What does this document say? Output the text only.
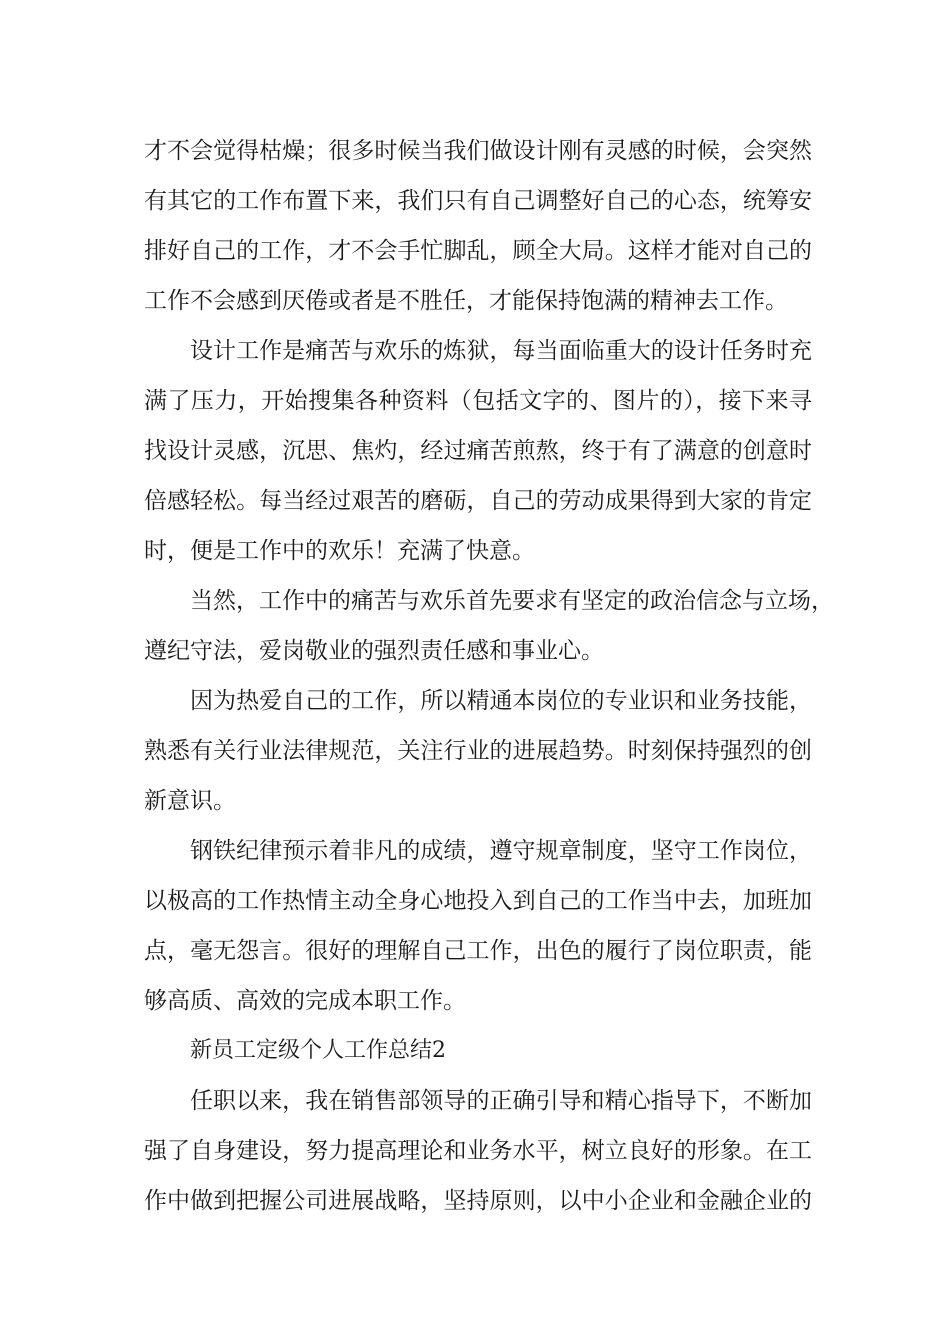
才不会觉得枯燥；很多时候当我们做设计刚有灵感的时候，会突然
有其它的工作布置下来，我们只有自己调整好自己的心态，统筹安
排好自己的工作，才不会手忙脚乱，顾全大局。这样才能对自己的
工作不会感到厌倦或者是不胜任，才能保持饱满的精神去工作。

设计工作是痛苦与欢乐的炼狱，每当面临重大的设计任务时充
满了压力，开始搜集各种资料（包括文字的、图片的），接下来寻
找设计灵感，沉思、焦灼，经过痛苦煎熬，终于有了满意的创意时
倍感轻松。每当经过艰苦的磨砺，自己的劳动成果得到大家的肯定
时，便是工作中的欢乐！充满了快意。

当然，工作中的痛苦与欢乐首先要求有坚定的政治信念与立场，
遵纪守法，爱岗敬业的强烈责任感和事业心。

因为热爱自己的工作，所以精通本岗位的专业识和业务技能，
熟悉有关行业法律规范，关注行业的进展趋势。时刻保持强烈的创
新意识。

钢铁纪律预示着非凡的成绩，遵守规章制度，坚守工作岗位，
以极高的工作热情主动全身心地投入到自己的工作当中去，加班加
点，毫无怨言。很好的理解自己工作，出色的履行了岗位职责，能
够高质、高效的完成本职工作。

新员工定级个人工作总结2

任职以来，我在销售部领导的正确引导和精心指导下，不断加
强了自身建设，努力提高理论和业务水平，树立良好的形象。在工
作中做到把握公司进展战略，坚持原则，以中小企业和金融企业的
